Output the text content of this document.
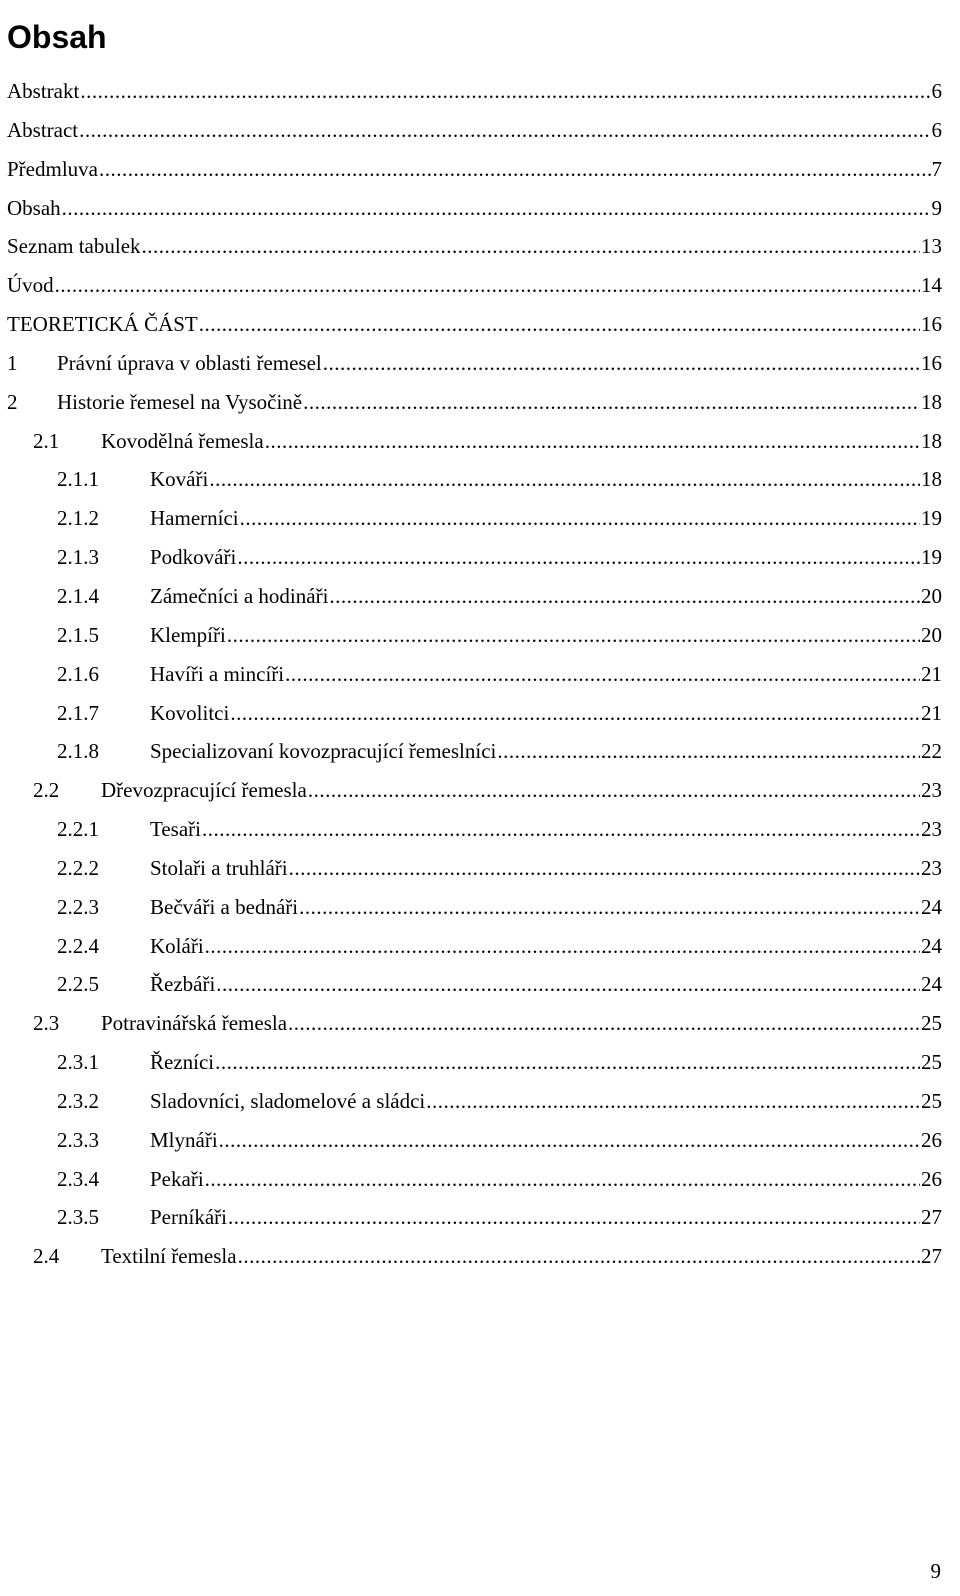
Obsah
Abstrakt .....	6
Abstract .....	6
Předmluva .....	7
Obsah .....	9
Seznam tabulek .....	13
Úvod .....	14
TEORETICKÁ ČÁST .....	16
1	Právní úprava v oblasti řemesel .....	16
2	Historie řemesel na Vysočině .....	18
2.1	Kovodělná řemesla .....	18
2.1.1	Kováři .....	18
2.1.2	Hamerníci .....	19
2.1.3	Podkováři .....	19
2.1.4	Zámečníci a hodináři .....	20
2.1.5	Klempíři .....	20
2.1.6	Havíři a mincíři .....	21
2.1.7	Kovolitci .....	21
2.1.8	Specializovaní kovozpracující řemeslníci .....	22
2.2	Dřevozpracující řemesla .....	23
2.2.1	Tesaři .....	23
2.2.2	Stolaři a truhláři .....	23
2.2.3	Bečváři a bednáři .....	24
2.2.4	Koláři .....	24
2.2.5	Řezbáři .....	24
2.3	Potravinářská řemesla .....	25
2.3.1	Řezníci .....	25
2.3.2	Sladovníci, sladomelové a sládci .....	25
2.3.3	Mlynáři .....	26
2.3.4	Pekaři .....	26
2.3.5	Perníkáři .....	27
2.4	Textilní řemesla .....	27
9
